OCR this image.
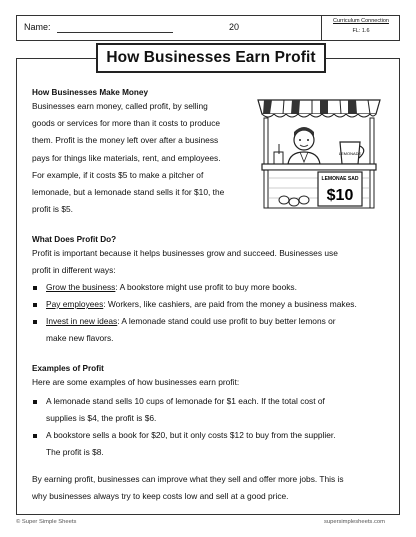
Name:	20
Curriculum Connection
FL: 1.6
How Businesses Earn Profit
How Businesses Make Money
Businesses earn money, called profit, by selling
goods or services for more than it costs to produce
them. Profit is the money left over after a business
pays for things like materials, rent, and employees.
For example, if it costs $5 to make a pitcher of
lemonade, but a lemonade stand sells it for $10, the
profit is $5.
LEMONADE
LEMONAE SAD
$10
What Does Profit Do?
Profit is important because it helps businesses grow and succeed. Businesses use
profit in different ways:
Grow the business: A bookstore might use profit to buy more books.
Pay employees: Workers, like cashiers, are paid from the money a business makes.
Invest in new ideas: A lemonade stand could use profit to buy better lemons or
make new flavors.
Examples of Profit
Here are some examples of how businesses earn profit:
A lemonade stand sells 10 cups of lemonade for $1 each. If the total cost of
supplies is $4, the profit is $6.
A bookstore sells a book for $20, but it only costs $12 to buy from the supplier.
The profit is $8.
By earning profit, businesses can improve what they sell and offer more jobs. This is
why businesses always try to keep costs low and sell at a good price.
© Super Simple Sheets	supersimplesheets.com
